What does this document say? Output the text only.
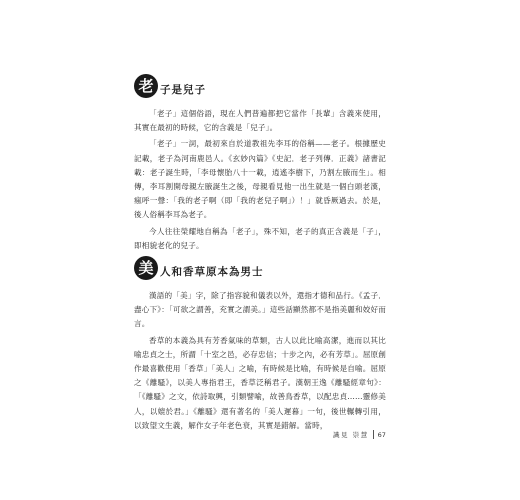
老 子是兒子

「老子」這個俗語，現在人們普遍都把它當作「長輩」含義來使用，其實在最初的時候，它的含義是「兒子」。

「老子」一詞，最初來自於道教祖先李耳的俗稱——老子。根據歷史記載，老子為河南鹿邑人。《玄妙內篇》《史記．老子列傳．正義》諸書記載：老子誕生時，「李母懷胎八十一載，逍遙李樹下，乃割左腋而生」。相傳，李耳割開母親左腋誕生之後，母親看見他一出生就是一個白頭老漢，瘋呼一聲：「我的老子啊（即「我的老兒子啊」）！」就昏厥過去。於是，後人俗稱李耳為老子。

今人往往榮耀地自稱為「老子」，殊不知，老子的真正含義是「子」，即相貌老化的兒子。

美 人和香草原本為男士

漢語的「美」字，除了指容貌和儀表以外，還指才德和品行。《孟子．盡心下》：「可欲之謂善，充實之謂美。」這些話顯然都不是指美麗和姣好而言。

香草的本義為具有芳香氣味的草類，古人以此比喻高潔，進而以其比喻忠貞之士，所謂「十室之邑，必存忠信；十步之內，必有芳草」。屈原創作最喜歡使用「香草」「美人」之喻，有時候是比喻，有時候是自喻。屈原之《離騷》，以美人專指君王，香草泛稱君子。漢朝王逸《離騷經章句》：「《離騷》之文，依詩取興，引類譬喻，故善鳥香草，以配忠貞……靈修美人，以媲於君。」《離騷》還有著名的「美人遲暮」一句，後世輾轉引用，以致望文生義，解作女子年老色衰，其實是錯解。當時，

識見 崇慧 67
